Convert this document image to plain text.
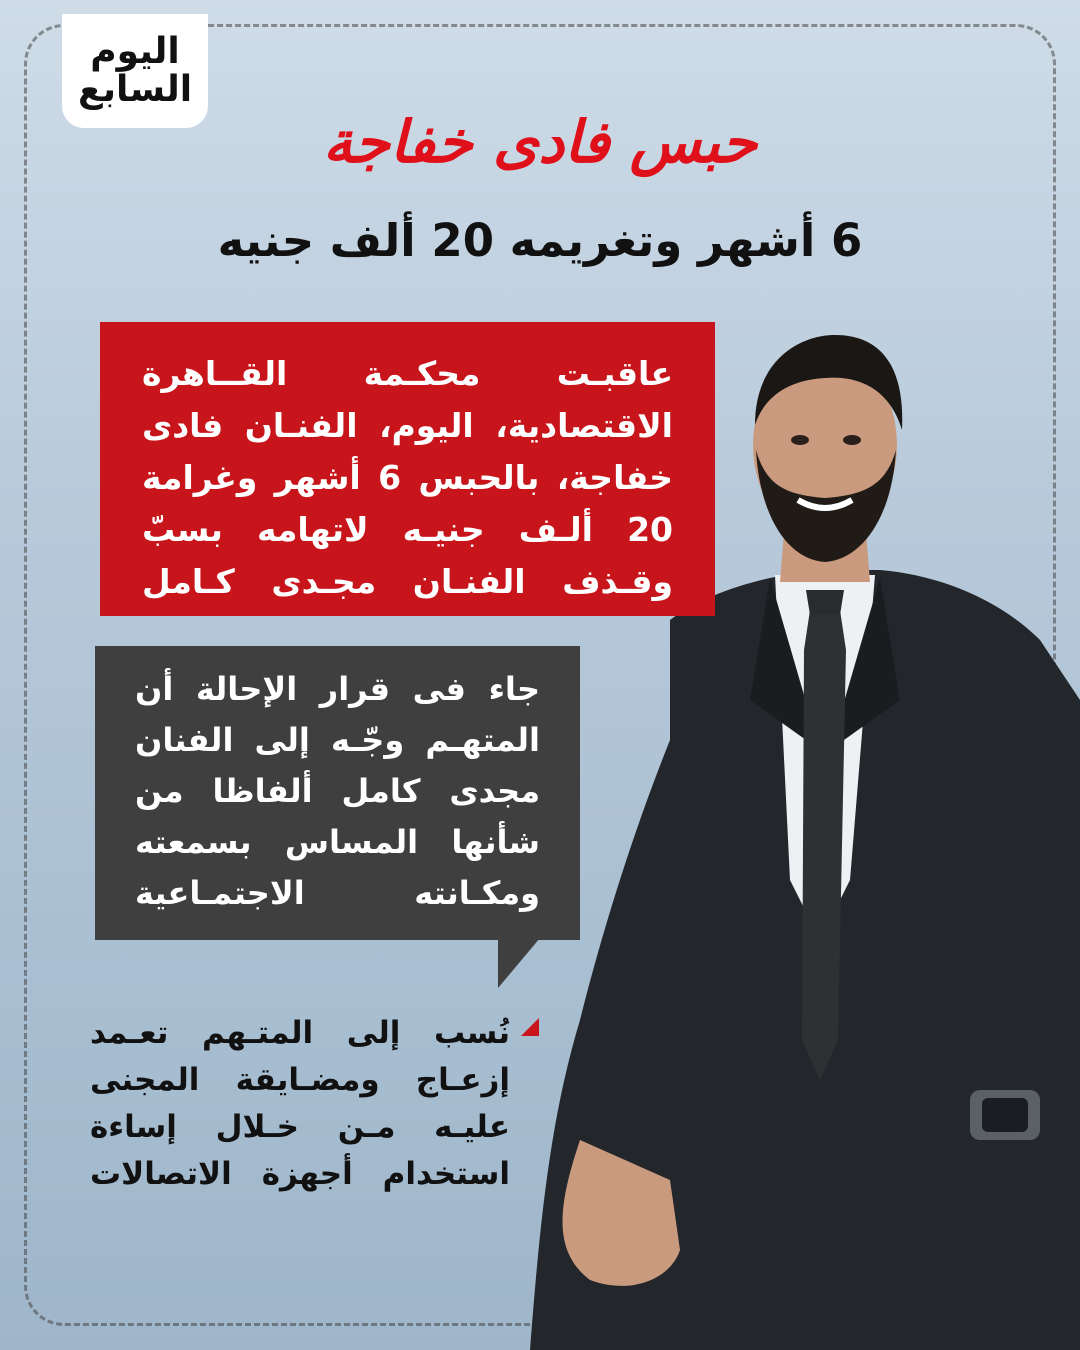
اليوم
السابع
حبس فادى خفاجة
6 أشهر وتغريمه 20 ألف جنيه
عاقبـت محكـمة القــاهرة
الاقتصادية، اليوم، الفنـان فادى
خفاجة، بالحبس 6 أشهر وغرامة
20 ألـف جنيـه لاتهامه بسبّ
وقـذف الفنـان مجـدى كـامل
جاء فى قرار الإحالة أن
المتهـم وجّـه إلى الفنان
مجدى كامل ألفاظا من
شأنها المساس بسمعته
ومكـانته الاجتمـاعية
نُسب إلى المتـهم تعـمد
إزعـاج ومضـايقة المجنى
عليـه مـن خـلال إساءة
استخدام أجهزة الاتصالات
